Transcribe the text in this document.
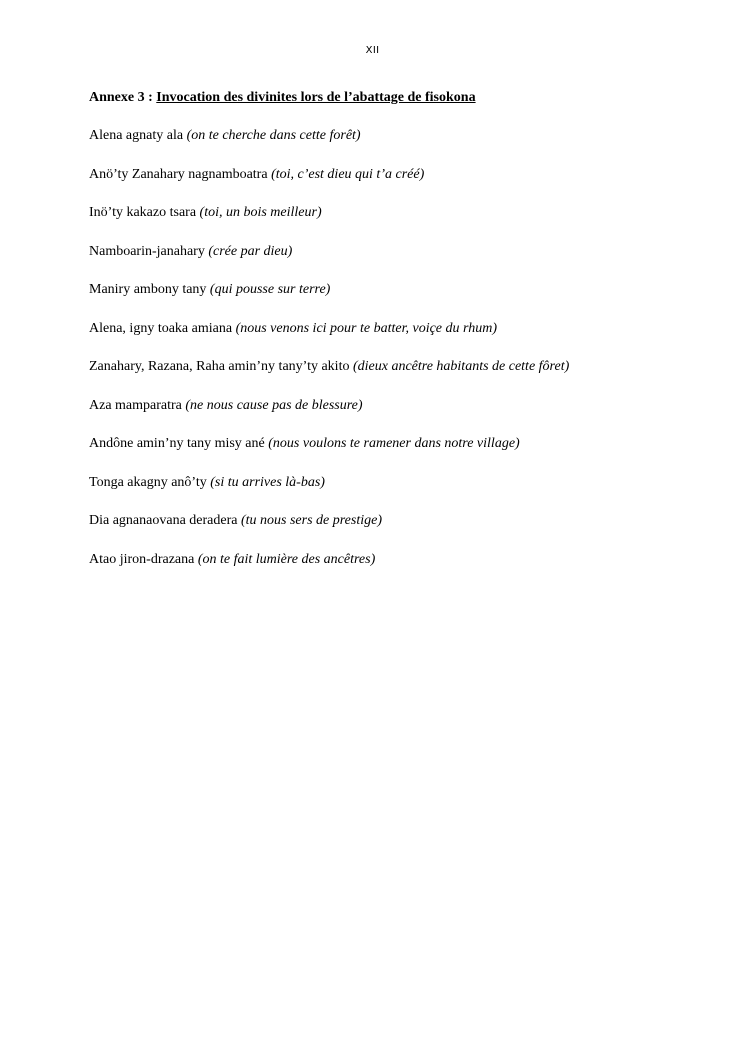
XII

Annexe 3 : Invocation des divinites lors de l’abattage de fisokona

Alena agnaty ala (on te cherche dans cette forêt)

Anö’ty Zanahary nagnamboatra (toi, c’est dieu qui t’a créé)

Inö’ty kakazo tsara (toi, un bois meilleur)

Namboarin-janahary (crée par dieu)

Maniry ambony tany (qui pousse sur terre)

Alena, igny toaka amiana (nous venons ici pour te batter, voiçe du rhum)

Zanahary, Razana, Raha amin’ny tany’ty akito (dieux ancêtre habitants de cette fôret)

Aza mamparatra (ne nous cause pas de blessure)

Andône amin’ny tany misy ané (nous voulons te ramener dans notre village)

Tonga akagny anô’ty (si tu arrives là-bas)

Dia agnanaovana deradera (tu nous sers de prestige)

Atao jiron-drazana (on te fait lumière des ancêtres)
